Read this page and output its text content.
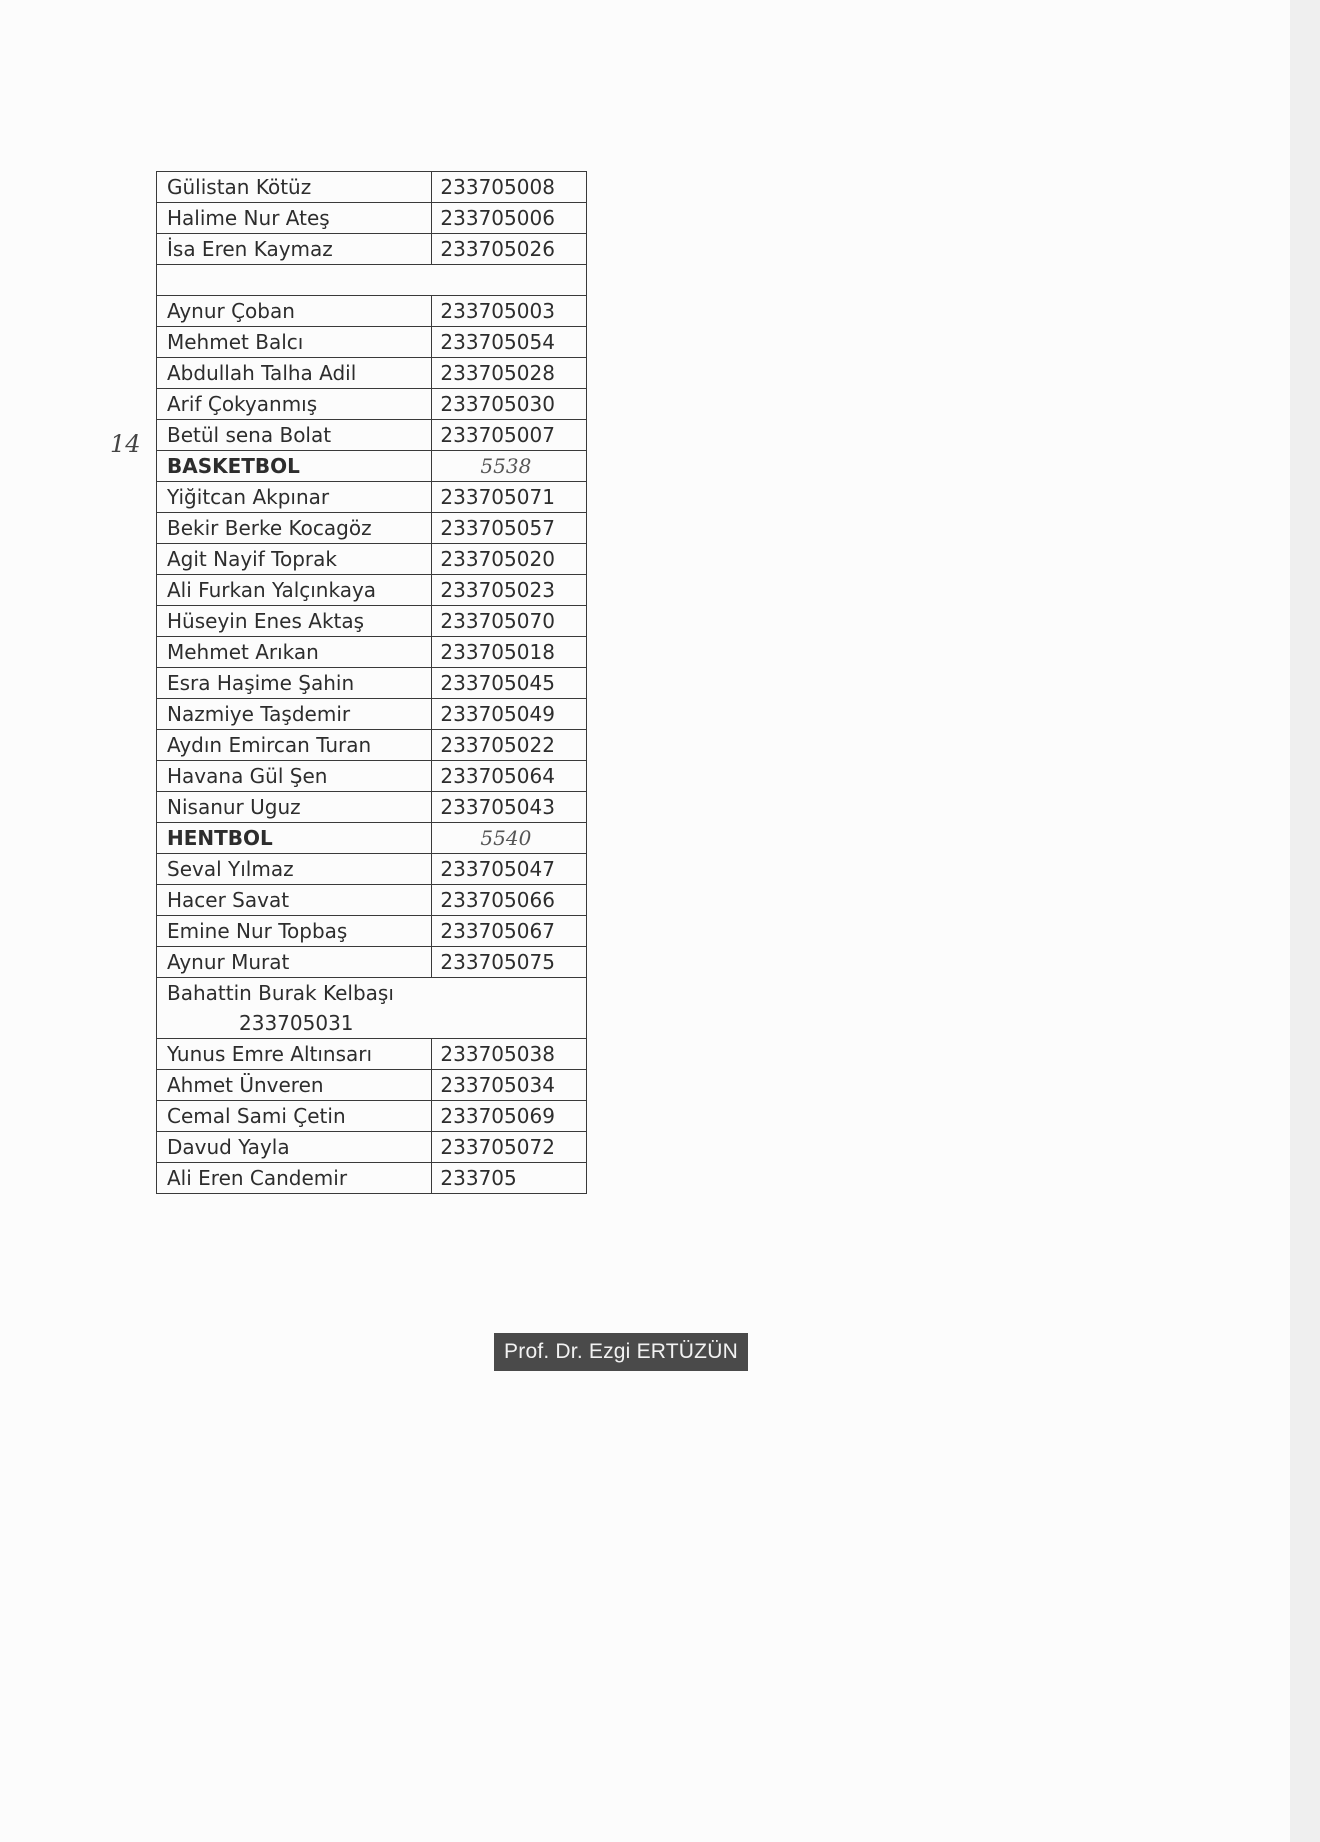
14
Gülistan Kötüz	233705008
Halime Nur Ateş	233705006
İsa Eren Kaymaz	233705026

Aynur Çoban	233705003
Mehmet Balcı	233705054
Abdullah Talha Adil	233705028
Arif Çokyanmış	233705030
Betül sena Bolat	233705007
BASKETBOL	5538
Yiğitcan Akpınar	233705071
Bekir Berke Kocagöz	233705057
Agit Nayif Toprak	233705020
Ali Furkan Yalçınkaya	233705023
Hüseyin Enes Aktaş	233705070
Mehmet Arıkan	233705018
Esra Haşime Şahin	233705045
Nazmiye Taşdemir	233705049
Aydın Emircan Turan	233705022
Havana Gül Şen	233705064
Nisanur Uguz	233705043
HENTBOL	5540
Seval Yılmaz	233705047
Hacer Savat	233705066
Emine Nur Topbaş	233705067
Aynur Murat	233705075
Bahattin Burak Kelbaşı
233705031	

Yunus Emre Altınsarı	233705038
Ahmet Ünveren	233705034
Cemal Sami Çetin	233705069
Davud Yayla	233705072
Ali Eren Candemir	233705
Prof. Dr. Ezgi ERTÜZÜN
